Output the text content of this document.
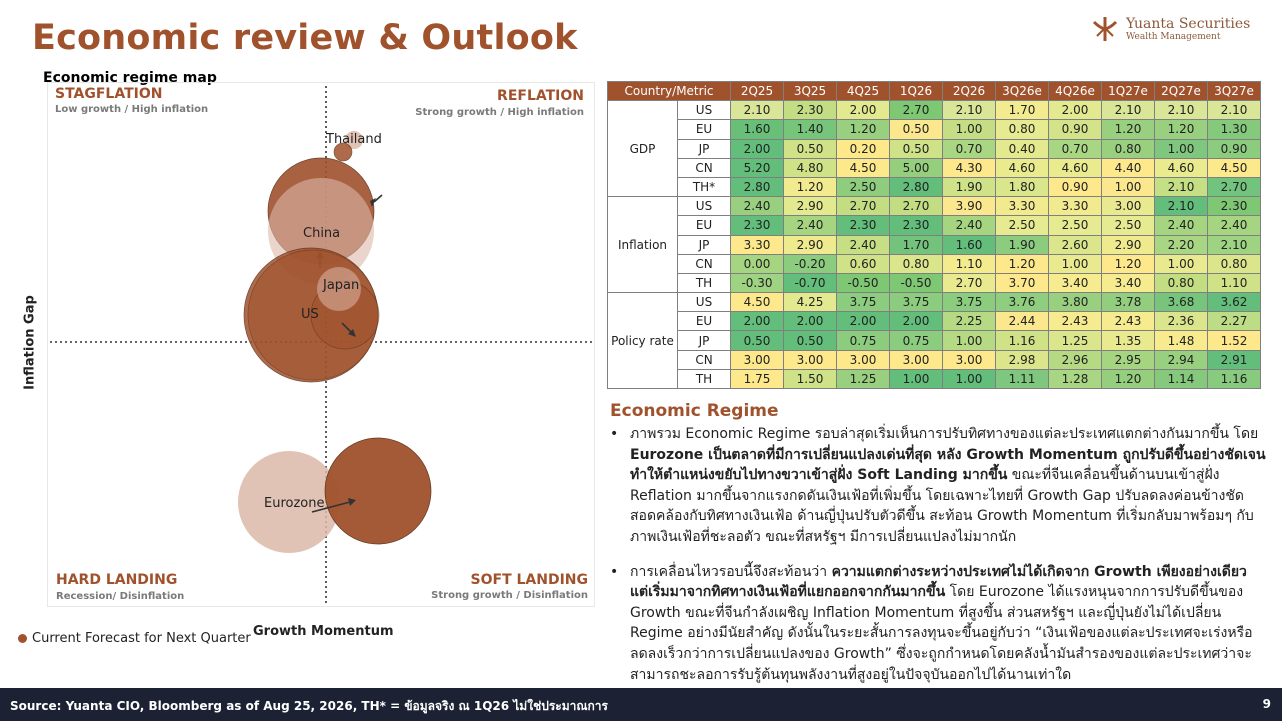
Economic review & Outlook	Yuanta Securities
Wealth Management
Economic regime map
STAGFLATION
Low growth / High inflation
REFLATION
Strong growth / High inflation
HARD LANDING
Recession/ Disinflation
SOFT LANDING
Strong growth / Disinflation
Thailand
China
Japan
US
Eurozone
Inflation Gap
Growth Momentum
Current Forecast for Next Quarter
Country/Metric		2Q25	3Q25	4Q25	1Q26	2Q26	3Q26e	4Q26e	1Q27e	2Q27e	3Q27e
GDP	US	2.10	2.30	2.00	2.70	2.10	1.70	2.00	2.10	2.10	2.10
	EU	1.60	1.40	1.20	0.50	1.00	0.80	0.90	1.20	1.20	1.30
	JP	2.00	0.50	0.20	0.50	0.70	0.40	0.70	0.80	1.00	0.90
	CN	5.20	4.80	4.50	5.00	4.30	4.60	4.60	4.40	4.60	4.50
	TH*	2.80	1.20	2.50	2.80	1.90	1.80	0.90	1.00	2.10	2.70
Inflation	US	2.40	2.90	2.70	2.70	3.90	3.30	3.30	3.00	2.10	2.30
	EU	2.30	2.40	2.30	2.30	2.40	2.50	2.50	2.50	2.40	2.40
	JP	3.30	2.90	2.40	1.70	1.60	1.90	2.60	2.90	2.20	2.10
	CN	0.00	-0.20	0.60	0.80	1.10	1.20	1.00	1.20	1.00	0.80
	TH	-0.30	-0.70	-0.50	-0.50	2.70	3.70	3.40	3.40	0.80	1.10
Policy rate	US	4.50	4.25	3.75	3.75	3.75	3.76	3.80	3.78	3.68	3.62
	EU	2.00	2.00	2.00	2.00	2.25	2.44	2.43	2.43	2.36	2.27
	JP	0.50	0.50	0.75	0.75	1.00	1.16	1.25	1.35	1.48	1.52
	CN	3.00	3.00	3.00	3.00	3.00	2.98	2.96	2.95	2.94	2.91
	TH	1.75	1.50	1.25	1.00	1.00	1.11	1.28	1.20	1.14	1.16
Economic Regime

• ภาพรวม Economic Regime รอบล่าสุดเริ่มเห็นการปรับทิศทางของแต่ละประเทศแตกต่างกันมากขึ้น โดย Eurozone เป็นตลาดที่มีการเปลี่ยนแปลงเด่นที่สุด หลัง Growth Momentum ถูกปรับดีขึ้นอย่างชัดเจน ทำให้ตำแหน่งขยับไปทางขวาเข้าสู่ฝั่ง Soft Landing มากขึ้น ขณะที่จีนเคลื่อนขึ้นด้านบนเข้าสู่ฝั่ง Reflation มากขึ้นจากแรงกดดันเงินเฟ้อที่เพิ่มขึ้น โดยเฉพาะไทยที่ Growth Gap ปรับลดลงค่อนข้างชัด สอดคล้องกับทิศทางเงินเฟ้อ ด้านญี่ปุ่นปรับตัวดีขึ้น สะท้อน Growth Momentum ที่เริ่มกลับมาพร้อมๆ กับภาพเงินเฟ้อที่ชะลอตัว ขณะที่สหรัฐฯ มีการเปลี่ยนแปลงไม่มากนัก

• การเคลื่อนไหวรอบนี้จึงสะท้อนว่า ความแตกต่างระหว่างประเทศไม่ได้เกิดจาก Growth เพียงอย่างเดียว แต่เริ่มมาจากทิศทางเงินเฟ้อที่แยกออกจากกันมากขึ้น โดย Eurozone ได้แรงหนุนจากการปรับดีขึ้นของ Growth ขณะที่จีนกำลังเผชิญ Inflation Momentum ที่สูงขึ้น ส่วนสหรัฐฯ และญี่ปุ่นยังไม่ได้เปลี่ยน Regime อย่างมีนัยสำคัญ ดังนั้นในระยะสั้นการลงทุนจะขึ้นอยู่กับว่า “เงินเฟ้อของแต่ละประเทศจะเร่งหรือลดลงเร็วกว่าการเปลี่ยนแปลงของ Growth” ซึ่งจะถูกกำหนดโดยคลังน้ำมันสำรองของแต่ละประเทศว่าจะสามารถชะลอการรับรู้ต้นทุนพลังงานที่สูงอยู่ในปัจจุบันออกไปได้นานเท่าใด

Source: Yuanta CIO, Bloomberg as of Aug 25, 2026, TH* = ข้อมูลจริง ณ 1Q26 ไม่ใช่ประมาณการ	9
